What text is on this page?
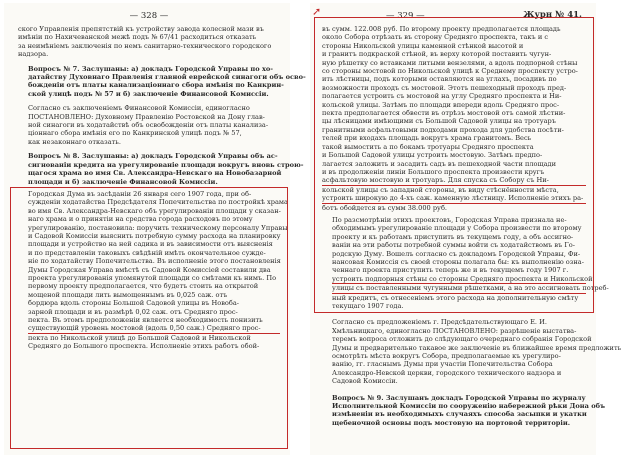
— 328 —
ского Управленія препятствій къ устройству завода колесной мази въ
имѣніи по Нахичеванской межѣ подъ № 67/41 расходиться отказать
за неимѣніемъ заключенія по немъ санитарно-технического городского
надзора.
Вопросъ № 7. Заслушаны: а) докладъ Городской Управы по хо-
датайству Духовнаго Правленія главной еврейской синагоги объ осво-
божденіи отъ платы канализаціоннаго сбора имѣнія по Канкрин-
ской улицѣ подъ № 57 и б) заключеніе Финансовой Комиссіи.
Согласно съ заключеніемъ Финансовой Комиссіи, единогласно
ПОСТАНОВЛЕНО: Духовному Правленію Ростовской на Дону глав-
ной синагоги въ ходатайствѣ объ освобожденіи отъ платы канализа-
ціоннаго сбора имѣнія его по Канкринской улицѣ подъ № 57,
как незаконнаго отказать.
Вопросъ № 8. Заслушаны: а) докладъ Городской Управы объ ас-
сигнованіи кредита на урегулированіе площади вокругъ вновь строю-
щагося храма во имя Св. Александра-Невскаго на Новобазарной
площади и б) заключеніе Финансовой Комиссіи.
Городская Дума въ засѣданіи 26 января сего 1907 года, при об-
сужденіи ходатайства Предсѣдателя Попечительства по постройкѣ храма
во имя Св. Александра-Невскаго объ урегулированіи площади у сказан-
наго храма и о принятіи на средства города расходовъ по этому
урегулированію, постановила: поручить техническому персоналу Управы
и Садовой Комиссіи выяснить потребную сумму расхода на планировку
площади и устройство на ней садика и въ зависимости отъ выясненія
и по представленіи таковыхъ свѣдѣній имѣть окончательное сужде-
ніе по ходатайству Попечительства. Въ исполненіе этого постановленія
Думы Городская Управа вмѣстѣ съ Садовой Комиссіей составили два
проекта урегулированія упомянутой площади со смѣтами къ нимъ. По
первому проекту предполагается, что будетъ стоить на открытой
мощеной площади лить вымощеннымъ въ 0,025 саж. отъ
бордюра вдоль стороны Большой Садовой улицы въ Новоба-
зарной площади и въ размѣрѣ 0,02 саж. отъ Средняго прос-
пекта. Въ этомъ предположеніи является необходимость понизить
существующій уровень мостовой (вдоль 0,50 саж.) Средняго прос-
пекта по Никольской улицѣ до Большой Садовой и Никольской
Средняго до Большого проспекта. Исполненіе этихъ работъ обой-
— 329 —	Журн № 41.
въ сумм. 122.008 руб. По второму проекту предполагается площадь
около Собора отрѣзать въ сторону Средняго проспекта, такъ и с
стороны Никольской улицы каменной стѣнкой высотой и
и гранитъ подкраской стѣной, въ верху которой поставить чугун-
ную рѣшетку со вставками литыми вензелями, а вдоль подпорной стѣны
со стороны мостовой по Никольской улицѣ к Среднему проспекту устро-
ить лѣстницы, подъ которыми оставляются на углахъ, посадивъ по
возможности проходъ съ мостовой. Этотъ пешеходный проходъ пред-
полагается устроить съ мостовой на углу Средняго проспекта и Ни-
кольской улицы. Затѣмъ по площади впереди вдоль Средняго прос-
пекта предполагается обвести въ отрѣзъ мостовой отъ самой лѣстни-
цы лѣсницами имѣющими съ Большой Садовой улицы на тротуаръ
гранитными асфальтовыми подходами прохода для удобства посѣти-
телей при входахъ площадь вокругъ храма гранитомъ. Весь
такой вымостить а по бокамъ тротуары Средняго проспекта
и Большой Садовой улицы устроить мостовую. Затѣмъ предпо-
лагается заложить и засадить садъ въ пешеходной части площади
и въ продолженіи линіи Большого проспекта произвести кругъ
асфальтовую мостовую и тротуаръ. Для спуска съ Собору съ Ни-
кольской улицы съ западной стороны, въ виду стѣснённости мѣста,
устроить широкую до 4-хъ саж. каменную лѣстницу. Исполненіе этихъ ра-
ботъ обойдется въ сумм 38.000 руб.
По разсмотрѣніи этихъ проектовъ, Городская Управа признала не-
обходимымъ урегулированіе площади у Собора произвести по второму
проекту и къ работамъ приступить въ текущемъ году, а объ ассигно-
ваніи на эти работы потребной суммы войти съ ходатайствомъ въ Го-
родскую Думу. Вошелъ согласно съ докладомъ Городской Управы, Фи-
нансовая Комиссія съ своей стороны полагала бы: къ выполненію озна-
ченнаго проекта приступить теперь же и въ текущемъ году 1907 г.
устроить подпорныя стѣны со стороны Средняго проспекта и Никольской
улицы съ поставленными чугунными рѣшетками, а на это ассигновать потреб-
ный кредитъ, съ отнесеніемъ этого расхода на дополнительную смѣту
текущаго 1907 года.
Согласно съ предложеніемъ г. Предсѣдательствующаго Е. И.
Хмѣльницкаго, единогласно ПОСТАНОВЛЕНО: разрѣшеніе выстатва-
теремъ вопроса отложить до слѣдующаго очереднаго собранія Городской
Думы и предварительно такавое же заключеніе въ ближайшее время предложить
осмотрѣть мѣста вокругъ Собора, предполагаемые къ урегулиро-
ванію, гг. гласнымъ Думы при участіи Попечительства Собора
Александро-Невской церкви, городского технического надзора и
Садовой Комиссіи.
Вопросъ № 9. Заслушанъ докладъ Городской Управы по журналу
Исполнительной Комиссіи по сооруженію набережной рѣки Дона объ
измѣненіи въ необходимыхъ случаяхъ способа засыпки и укатки
щебеночной основы подъ мостовую на портовой территоріи.
➚
